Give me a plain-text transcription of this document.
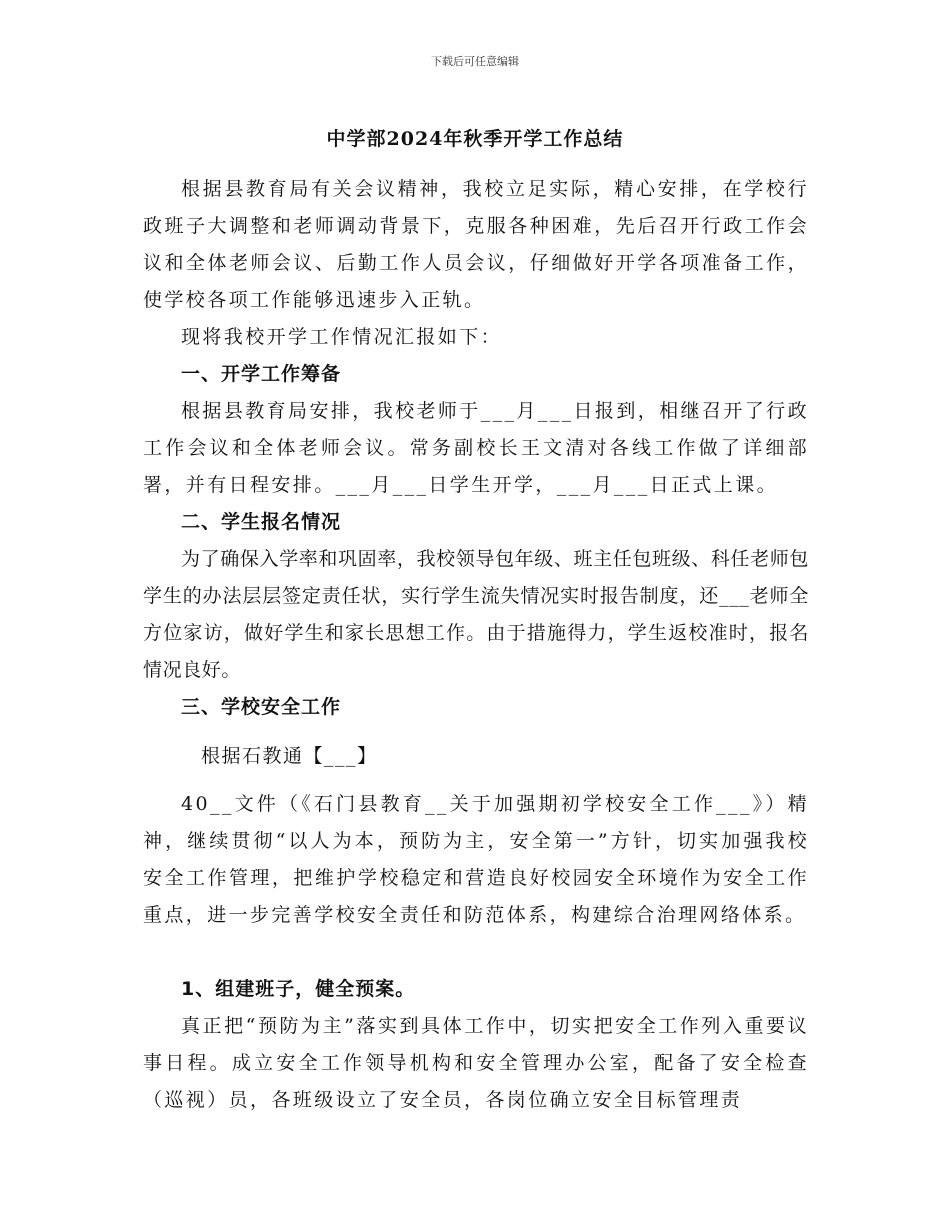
下载后可任意编辑
中学部2024年秋季开学工作总结

根据县教育局有关会议精神，我校立足实际，精心安排，在学校行政班子大调整和老师调动背景下，克服各种困难，先后召开行政工作会议和全体老师会议、后勤工作人员会议，仔细做好开学各项准备工作，使学校各项工作能够迅速步入正轨。

现将我校开学工作情况汇报如下：

一、开学工作筹备

根据县教育局安排，我校老师于___月___日报到，相继召开了行政工作会议和全体老师会议。常务副校长王文清对各线工作做了详细部署，并有日程安排。___月___日学生开学，___月___日正式上课。

二、学生报名情况

为了确保入学率和巩固率，我校领导包年级、班主任包班级、科任老师包学生的办法层层签定责任状，实行学生流失情况实时报告制度，还___老师全方位家访，做好学生和家长思想工作。由于措施得力，学生返校准时，报名情况良好。

三、学校安全工作

根据石教通【___】

40__文件（《石门县教育__关于加强期初学校安全工作___》）精神，继续贯彻“以人为本，预防为主，安全第一”方针，切实加强我校安全工作管理，把维护学校稳定和营造良好校园安全环境作为安全工作重点，进一步完善学校安全责任和防范体系，构建综合治理网络体系。

1、组建班子，健全预案。

真正把“预防为主”落实到具体工作中，切实把安全工作列入重要议事日程。成立安全工作领导机构和安全管理办公室，配备了安全检查（巡视）员，各班级设立了安全员，各岗位确立安全目标管理责
